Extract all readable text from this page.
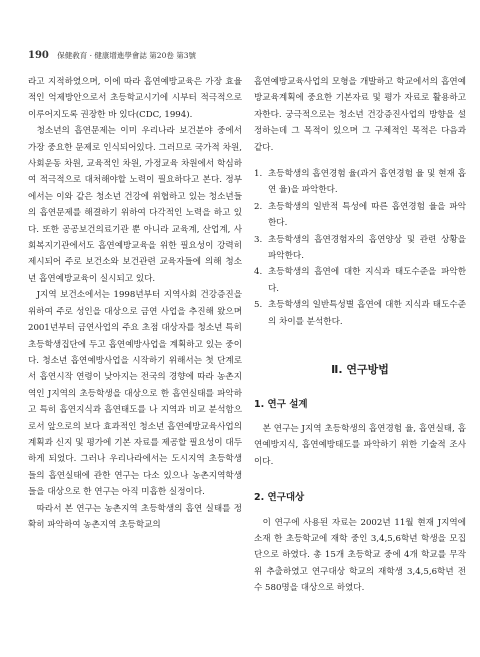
190 保健敎育 · 健康增進學會誌 第20卷 第3號

라고 지적하였으며, 이에 따라 흡연예방교육은 가장 효율적인 억제방안으로서 초등학교시기에 시부터 적극적으로 이루어지도록 권장한 바 있다(CDC, 1994).

청소년의 흡연문제는 이미 우리나라 보건분야 중에서 가장 중요한 문제로 인식되어있다. 그러므로 국가적 차원, 사회운동 차원, 교육적인 차원, 가정교육 차원에서 학심하여 적극적으로 대처해야할 노력이 필요하다고 본다. 정부에서는 이와 같은 청소년 건강에 위협하고 있는 청소년들의 흡연문제를 해결하기 위하여 다각적인 노력을 하고 있다. 또한 공공보건의료기관 뿐 아니라 교육계, 산업계, 사회복지기관에서도 흡연예방교육을 위한 필요성이 강력히 제시되어 주로 보건소와 보건관련 교육자들에 의해 청소년 흡연예방교육이 실시되고 있다.

J지역 보건소에서는 1998년부터 지역사회 건강증진을 위하여 주로 성인을 대상으로 금연 사업을 추진해 왔으며 2001년부터 금연사업의 주요 초점 대상자를 청소년 특히 초등학생집단에 두고 흡연예방사업을 계획하고 있는 중이다. 청소년 흡연예방사업을 시작하기 위해서는 첫 단계로서 흡연시작 연령이 낮아지는 전국의 경향에 따라 농촌지역인 J지역의 초등학생을 대상으로 한 흡연실태를 파악하고 특히 흡연지식과 흡연태도를 나 지역과 비교 분석함으로서 앞으로의 보다 효과적인 청소년 흡연예방교육사업의 계획과 신지 및 평가에 기본 자료를 제공할 필요성이 대두하게 되었다. 그러나 우리나라에서는 도시지역 초등학생들의 흡연실태에 관한 연구는 다소 있으나 농촌지역학생들을 대상으로 한 연구는 아직 미흡한 실정이다.

따라서 본 연구는 농촌지역 초등학생의 흡연 실태를 정확히 파악하여 농촌지역 초등학교의

흡연예방교육사업의 모형을 개발하고 학교에서의 흡연예방교육계획에 중요한 기본자료 및 평가 자료로 활용하고자한다. 궁극적으로는 청소년 건강증진사업의 방향을 설정하는데 그 목적이 있으며 그 구체적인 목적은 다음과 같다.

1. 초등학생의 흡연경험 율(과거 흡연경험 율 및 현재 흡연 율)을 파악한다.
2. 초등학생의 일반적 특성에 따른 흡연경험 율을 파악한다.
3. 초등학생의 흡연경험자의 흡연양상 및 관련 상황을 파악한다.
4. 초등학생의 흡연에 대한 지식과 태도수준을 파악한다.
5. 초등학생의 일반특성별 흡연에 대한 지식과 태도수준의 차이를 분석한다.
Ⅱ. 연구방법
1. 연구 설계

본 연구는 J지역 초등학생의 흡연경험 율, 흡연실태, 흡연예방지식, 흡연예방태도를 파악하기 위한 기술적 조사이다.

2. 연구대상

이 연구에 사용된 자료는 2002년 11월 현재 J지역에 소재 한 초등학교에 재학 중인 3,4,5,6학년 학생을 모집단으로 하였다. 총 15개 초등학교 중에 4개 학교를 무작위 추출하였고 연구대상 학교의 재학생 3,4,5,6학년 전수 580명을 대상으로 하였다.
